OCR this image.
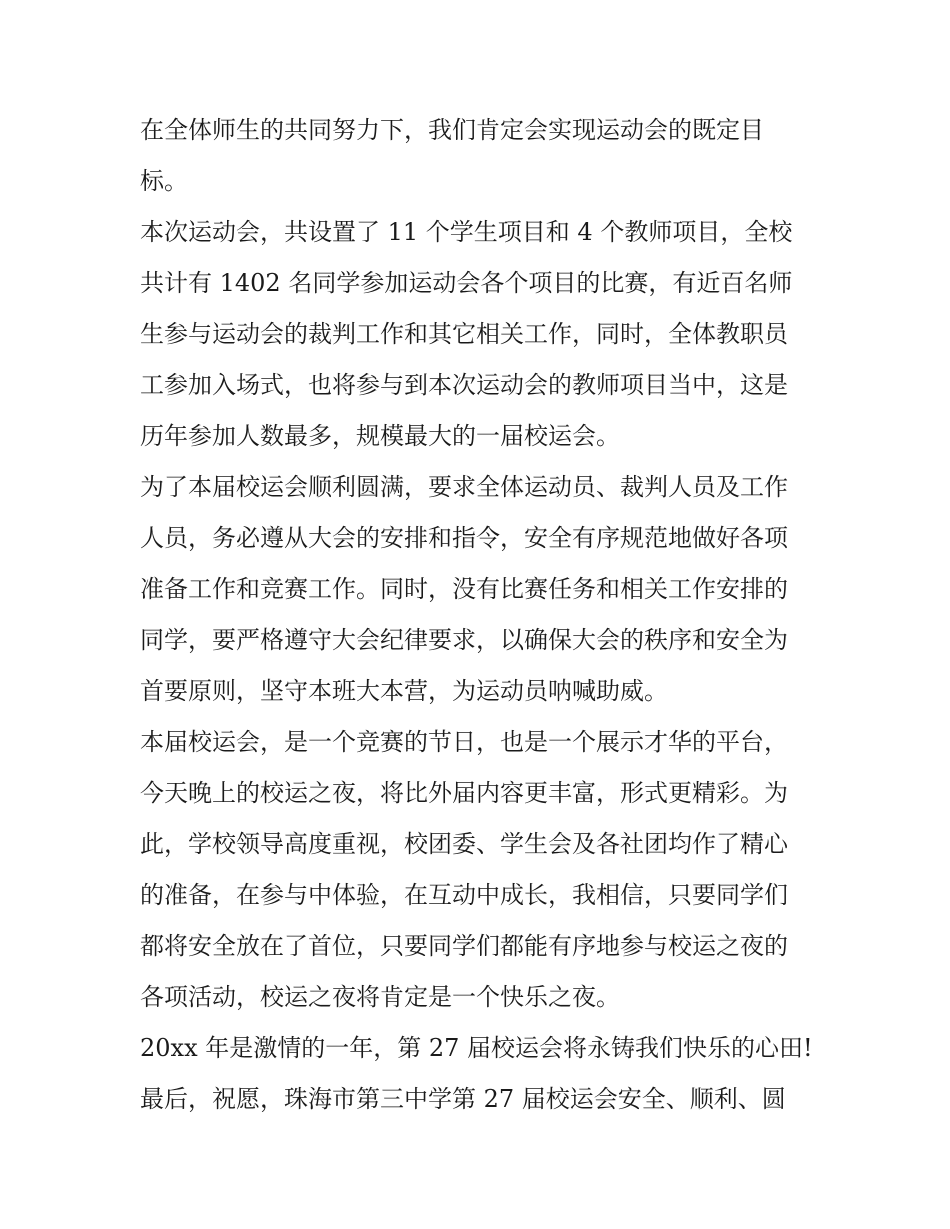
在全体师生的共同努力下，我们肯定会实现运动会的既定目
标。
本次运动会，共设置了 11 个学生项目和 4 个教师项目，全校
共计有 1402 名同学参加运动会各个项目的比赛，有近百名师
生参与运动会的裁判工作和其它相关工作，同时，全体教职员
工参加入场式，也将参与到本次运动会的教师项目当中，这是
历年参加人数最多，规模最大的一届校运会。
为了本届校运会顺利圆满，要求全体运动员、裁判人员及工作
人员，务必遵从大会的安排和指令，安全有序规范地做好各项
准备工作和竞赛工作。同时，没有比赛任务和相关工作安排的
同学，要严格遵守大会纪律要求，以确保大会的秩序和安全为
首要原则，坚守本班大本营，为运动员呐喊助威。
本届校运会，是一个竞赛的节日，也是一个展示才华的平台，
今天晚上的校运之夜，将比外届内容更丰富，形式更精彩。为
此，学校领导高度重视，校团委、学生会及各社团均作了精心
的准备，在参与中体验，在互动中成长，我相信，只要同学们
都将安全放在了首位，只要同学们都能有序地参与校运之夜的
各项活动，校运之夜将肯定是一个快乐之夜。
20xx 年是激情的一年，第 27 届校运会将永铸我们快乐的心田!
最后，祝愿，珠海市第三中学第 27 届校运会安全、顺利、圆
